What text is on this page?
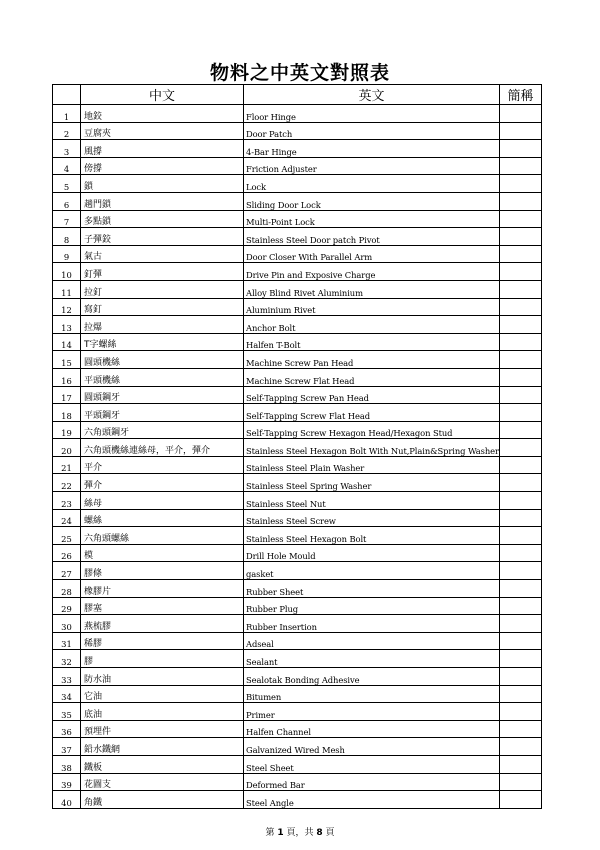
物料之中英文對照表
	中文	英文	簡稱
1	地鉸	Floor Hinge	
2	豆腐夾	Door Patch	
3	風撐	4-Bar Hinge	
4	傍撐	Friction Adjuster	
5	鎖	Lock	
6	趟門鎖	Sliding Door Lock	
7	多點鎖	Multi-Point Lock	
8	子彈鉸	Stainless Steel Door patch Pivot	
9	氣古	Door Closer With Parallel Arm	
10	釘彈	Drive Pin and Exposive Charge	
11	拉釘	Alloy Blind Rivet Aluminium	
12	寫釘	Aluminium Rivet	
13	拉爆	Anchor Bolt	
14	T字螺絲	Halfen T-Bolt	
15	圓頭機絲	Machine Screw Pan Head	
16	平頭機絲	Machine Screw Flat Head	
17	圓頭鋼牙	Self-Tapping Screw Pan Head	
18	平頭鋼牙	Self-Tapping Screw Flat Head	
19	六角頭鋼牙	Self-Tapping Screw Hexagon Head/Hexagon Stud	
20	六角頭機絲連絲母，平介，彈介	Stainless Steel Hexagon Bolt With Nut,Plain&Spring Washer	
21	平介	Stainless Steel Plain Washer	
22	彈介	Stainless Steel Spring Washer	
23	絲母	Stainless Steel Nut	
24	螺絲	Stainless Steel Screw	
25	六角頭螺絲	Stainless Steel Hexagon Bolt	
26	模	Drill Hole Mould	
27	膠條	gasket	
28	橡膠片	Rubber Sheet	
29	膠塞	Rubber Plug	
30	燕梳膠	Rubber Insertion	
31	稀膠	Adseal	
32	膠	Sealant	
33	防水油	Sealotak Bonding Adhesive	
34	它油	Bitumen	
35	底油	Primer	
36	預埋件	Halfen Channel	
37	鉛水鐵網	Galvanized Wired Mesh	
38	鐵板	Steel Sheet	
39	花圖支	Deformed Bar	
40	角鐵	Steel Angle	
第 1 頁，共 8 頁
